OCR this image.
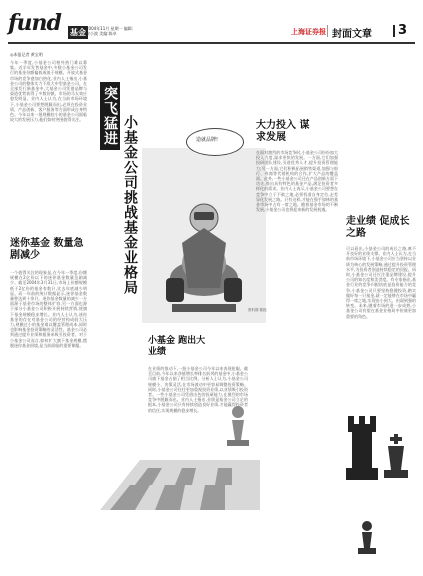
fund 基金 2004年11月 星期一 编辑:宋小波 美编:陈卓	上海证券报 封面文章 3
◎本报记者 黄宝明
今年一季度,小基金公司格外热门难以募集。近半年发售基金中,多数小基金公司发行的基金份额偏低或低于规模。开放式基金市场的竞争愈加白热化,业内人士指出,小基金公司的整体实力不敌大中型基金公司。在全部发行新基金中,大基金公司凭借品牌与渠道优势获得了多数份额。市场的马太效应愈发明显。业内人士认为,在当前市场环境下,小基金公司要想脱颖而出,必须在投资业绩、产品创新、客户服务等方面形成自身特色。今年以来一批规模较小的基金公司面临较大的发展压力,他们如何突围值得关注。
迷你基金 数量急剧减少
一个值得关注的现象是,在今年一季度,份额规模在2亿份以下的迷你基金数量急剧减少。截至2004年3月31日,市场上份额规模低于2亿份的基金有数只,比去年底减少明显。而一年前的统计数据显示,迷你基金数量曾达到十余只。迷你基金数量的减少一方面源于基金市场的整体扩容,另一方面也源于部分小基金公司积极开展持续营销,使旗下基金规模稳步增长。业内人士认为,迷你基金的存在对基金公司的经营构成较大压力,规模过小的基金难以覆盖管理成本,同时也影响基金投资策略的灵活性。基金公司必须通过提升业绩和服务来吸引投资者。对于小基金公司而言,如何扩大旗下基金规模,摆脱迷你基金困境,是当前面临的重要课题。
突飞猛进 小基金公司挑战基金业格局	造就品牌!
资料图 陈振
小基金 跑出大业绩
在业绩的推动下,一批小基金公司今年以来表现抢眼。截至目前,今年以来净值增长率排名前列的基金中,小基金公司旗下基金占据了相当比例。分析人士认为,小基金公司规模小、决策灵活,在市场波动中更容易调整投资策略。同时,小基金公司往往更加重视投资业绩,以业绩吸引投资者。一些小基金公司凭借出色的投研能力,在激烈的市场竞争中脱颖而出。业内人士指出,业绩是基金公司立足的根本,小基金公司只有持续创造良好业绩,才能赢得投资者的信任,实现规模的稳步增长。
大力投入 谋求发展
在面对激烈的市场竞争时,小基金公司纷纷加大投入力度,谋求更快的发展。一方面,它们加强投研团队建设,引进优秀人才,提升投资管理能力;另一方面,它们积极拓展销售渠道,加强与银行、券商等代销机构的合作,扩大产品的覆盖面。此外,一些小基金公司还在产品创新方面下功夫,推出具有特色的基金产品,满足投资者多样化的需求。业内人士表示,小基金公司要想在竞争中立于不败之地,必须找准自身定位,走差异化发展之路。只有这样,才能在强手如林的基金市场中占有一席之地。随着基金市场的不断发展,小基金公司也将迎来新的发展机遇。
走业绩 促成长之路
可以看出,小基金公司的成长之路,离不开良好的业绩支撑。业内人士认为,在当前市场环境下,小基金公司应当坚持以业绩为核心的发展策略,通过提升投资管理水平,为投资者创造持续稳定的回报。同时,小基金公司还应注重品牌建设,提升公司的知名度和美誉度。有专家指出,基金行业的竞争归根结底是投资能力的竞争,小基金公司只要坚持稳健投资,踏实做好每一只基金,就一定能够在市场中赢得一席之地,实现由小到大、由弱到强的转变。未来,随着市场的进一步成熟,小基金公司有望在基金业格局中扮演更加重要的角色。
